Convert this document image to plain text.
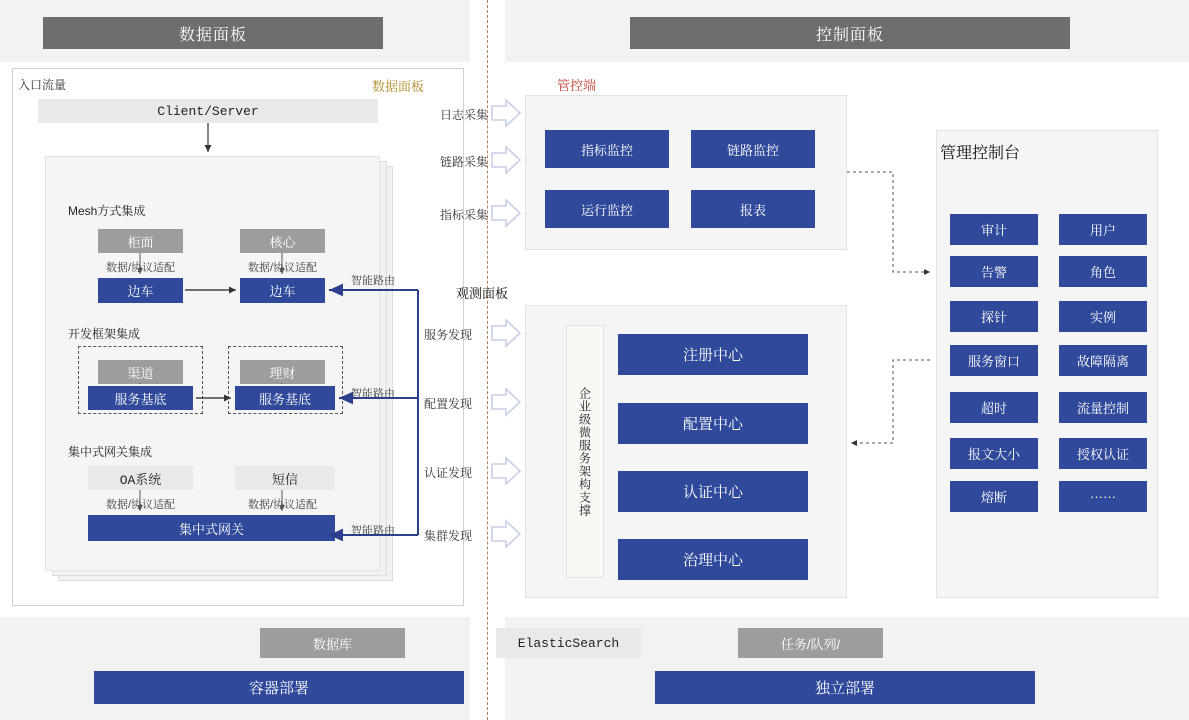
数据面板	控制面板
入口流量	数据面板
Client/Server
Mesh方式集成
柜面	核心
数据/协议适配	数据/协议适配
边车	边车
智能路由
开发框架集成
渠道	理财
服务基底	服务基底	智能路由
集中式网关集成
OA系统	短信
数据/协议适配	数据/协议适配
集中式网关	智能路由
管控端
观测面板
日志采集
链路采集
指标采集
服务发现
配置发现
认证发现
集群发现
指标监控	链路监控
运行监控	报表
企业级微服务架构支撑
注册中心
配置中心
认证中心
治理中心
管理控制台
审计	用户
告警	角色
探针	实例
服务窗口	故障隔离
超时	流量控制
报文大小	授权认证
熔断	······
数据库	ElasticSearch	任务/队列/
容器部署	独立部署
